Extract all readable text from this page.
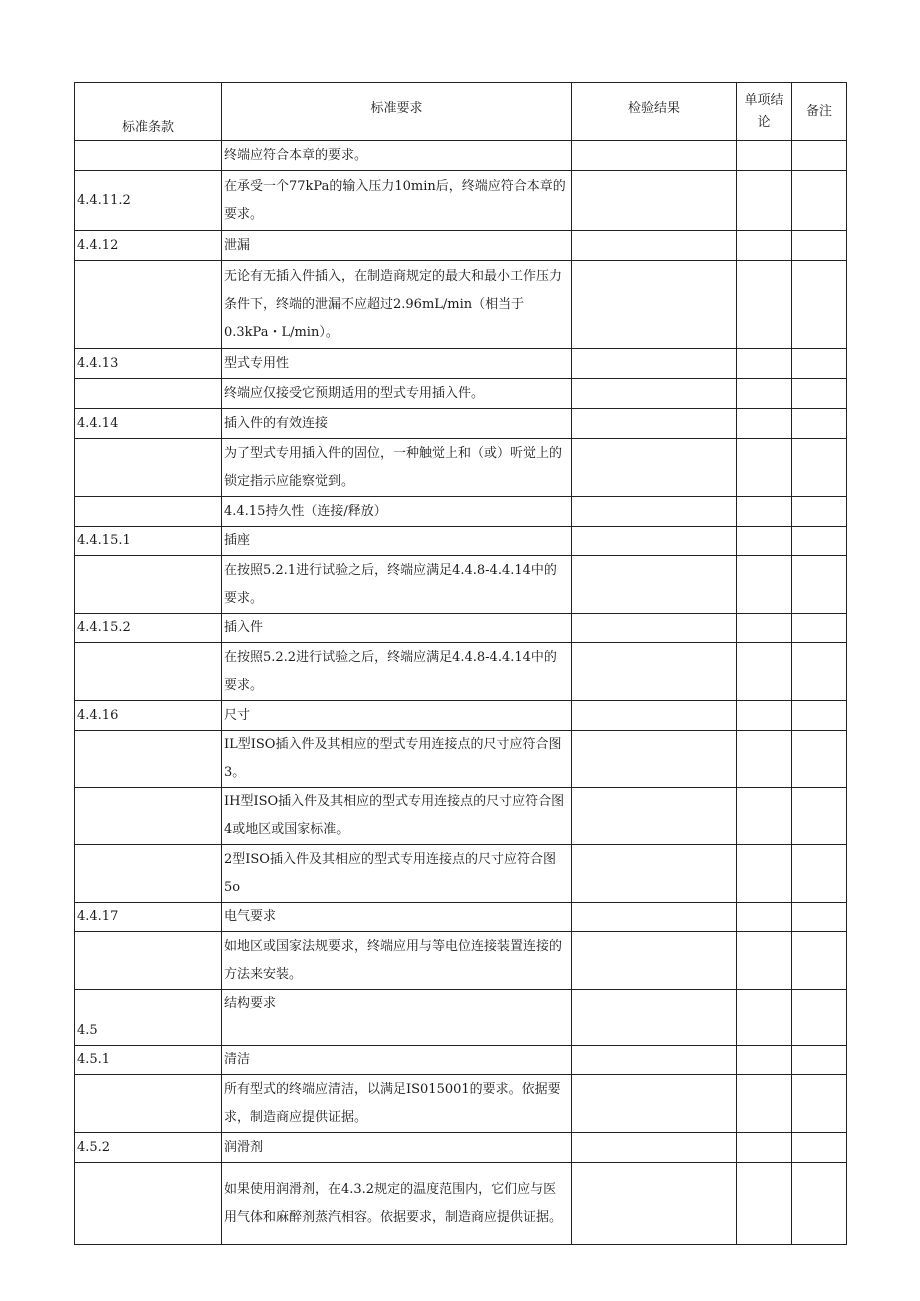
标准条款	标准要求	检验结果	单项结论	备注
	终端应符合本章的要求。			
4.4.11.2	在承受一个77kPa的输入压力10min后，终端应符合本章的要求。			
4.4.12	泄漏			
	无论有无插入件插入，在制造商规定的最大和最小工作压力条件下，终端的泄漏不应超过2.96mL/min（相当于0.3kPa・L/min）。			
4.4.13	型式专用性			
	终端应仅接受它预期适用的型式专用插入件。			
4.4.14	插入件的有效连接			
	为了型式专用插入件的固位，一种触觉上和（或）听觉上的锁定指示应能察觉到。			
	4.4.15持久性（连接/释放）			
4.4.15.1	插座			
	在按照5.2.1进行试验之后，终端应满足4.4.8-4.4.14中的要求。			
4.4.15.2	插入件			
	在按照5.2.2进行试验之后，终端应满足4.4.8-4.4.14中的要求。			
4.4.16	尺寸			
	IL型ISO插入件及其相应的型式专用连接点的尺寸应符合图3。			
	IH型ISO插入件及其相应的型式专用连接点的尺寸应符合图4或地区或国家标准。			
	2型ISO插入件及其相应的型式专用连接点的尺寸应符合图5o			
4.4.17	电气要求			
	如地区或国家法规要求，终端应用与等电位连接装置连接的方法来安装。			
4.5	结构要求			
4.5.1	清洁			
	所有型式的终端应清洁，以满足IS015001的要求。依据要求，制造商应提供证据。			
4.5.2	润滑剂			
	如果使用润滑剂，在4.3.2规定的温度范围内，它们应与医用气体和麻醉剂蒸汽相容。依据要求，制造商应提供证据。			
